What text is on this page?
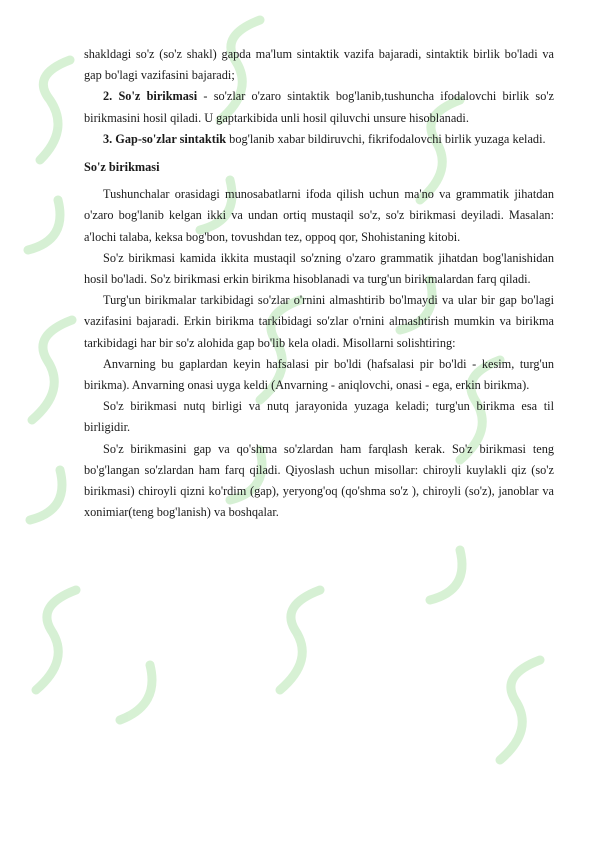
shakldagi so'z (so'z shakl) gapda ma'lum sintaktik vazifa bajaradi, sintaktik birlik bo'ladi va gap bo'lagi vazifasini bajaradi;

2. So'z birikmasi - so'zlar o'zaro sintaktik bog'lanib,tushuncha ifodalovchi birlik so'z birikmasini hosil qiladi. U gaptarkibida unli hosil qiluvchi unsure hisoblanadi.

3. Gap-so'zlar sintaktik bog'lanib xabar bildiruvchi, fikrifodalovchi birlik yuzaga keladi.

So'z birikmasi

Tushunchalar orasidagi munosabatlarni ifoda qilish uchun ma'no va grammatik jihatdan o'zaro bog'lanib kelgan ikki va undan ortiq mustaqil so'z, so'z birikmasi deyiladi. Masalan: a'lochi talaba, keksa bog'bon, tovushdan tez, oppoq qor, Shohistaning kitobi.

So'z birikmasi kamida ikkita mustaqil so'zning o'zaro grammatik jihatdan bog'lanishidan hosil bo'ladi. So'z birikmasi erkin birikma hisoblanadi va turg'un birikmalardan farq qiladi.

Turg'un birikmalar tarkibidagi so'zlar o'rnini almashtirib bo'lmaydi va ular bir gap bo'lagi vazifasini bajaradi. Erkin birikma tarkibidagi so'zlar o'rnini almashtirish mumkin va birikma tarkibidagi har bir so'z alohida gap bo'lib kela oladi. Misollarni solishtiring:

Anvarning bu gaplardan keyin hafsalasi pir bo'ldi (hafsalasi pir bo'ldi - kesim, turg'un birikma). Anvarning onasi uyga keldi (Anvarning - aniqlovchi, onasi - ega, erkin birikma).

So'z birikmasi nutq birligi va nutq jarayonida yuzaga keladi; turg'un birikma esa til birligidir.

So'z birikmasini gap va qo'shma so'zlardan ham farqlash kerak. So'z birikmasi teng bo'g'langan so'zlardan ham farq qiladi. Qiyoslash uchun misollar: chiroyli kuylakli qiz (so'z birikmasi) chiroyli qizni ko'rdim (gap), yeryong'oq (qo'shma so'z ), chiroyli (so'z), janoblar va xonimiar(teng bog'lanish) va boshqalar.
